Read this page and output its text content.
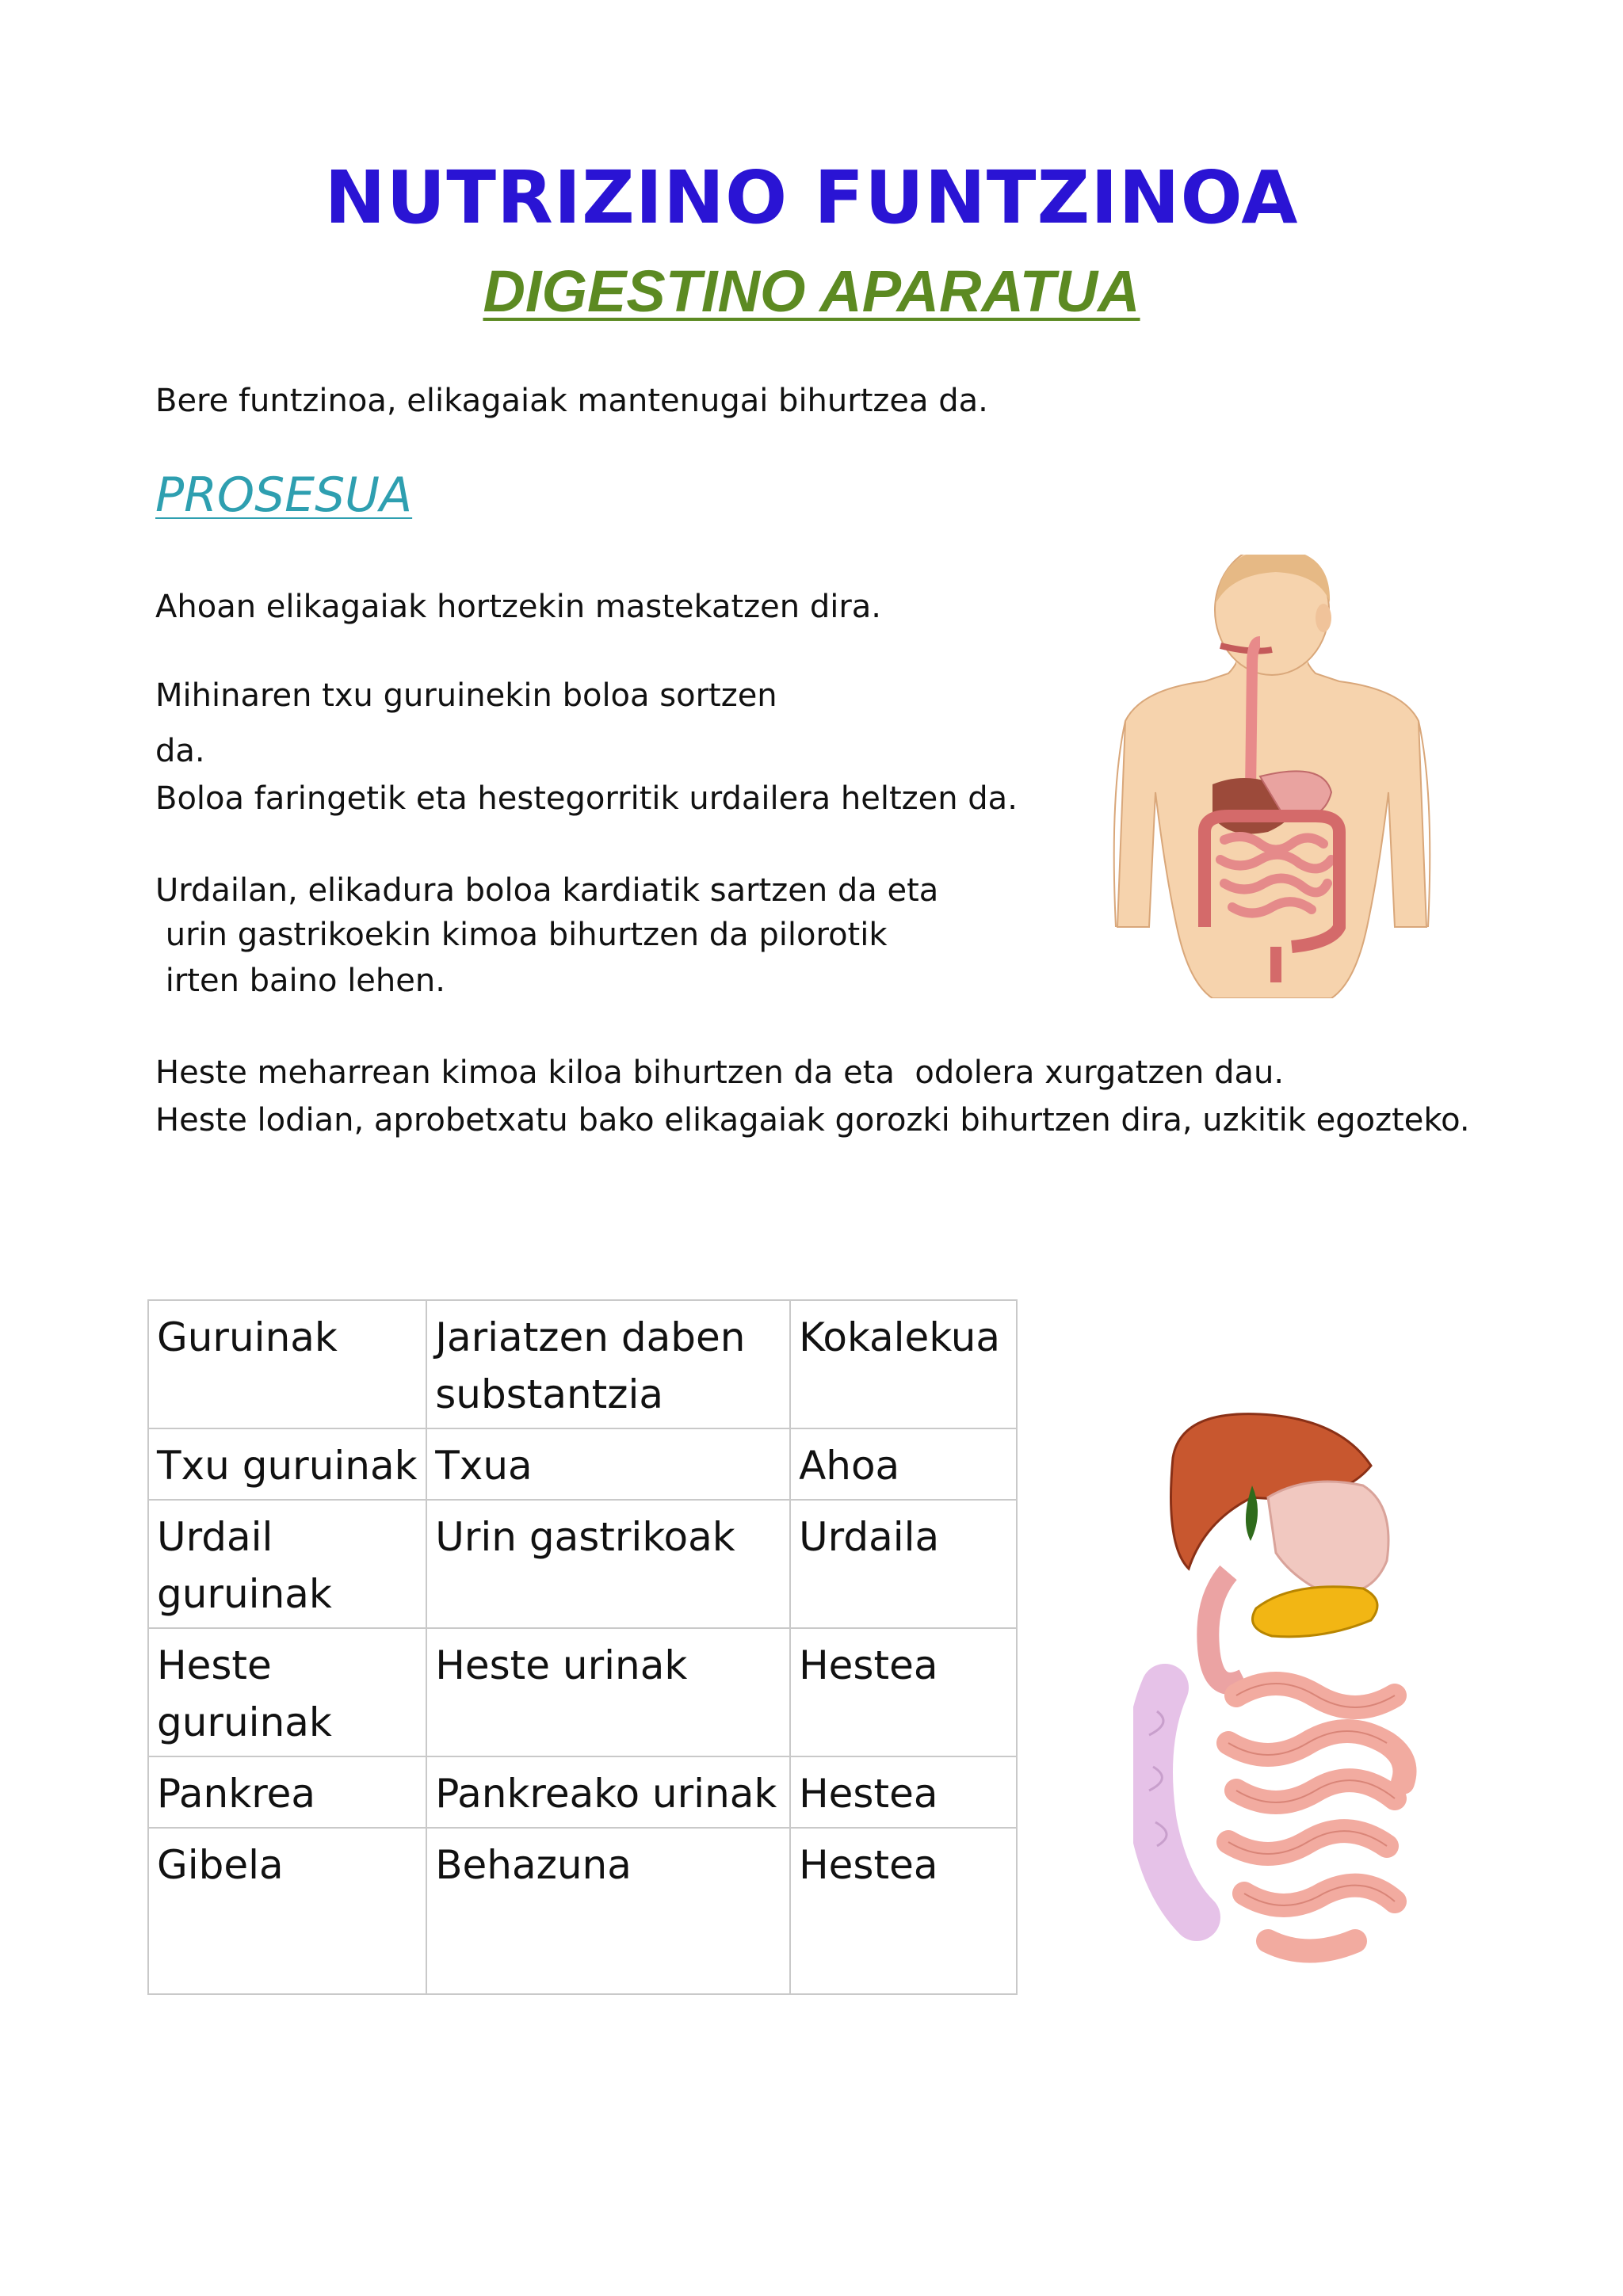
NUTRIZINO FUNTZINOA
DIGESTINO APARATUA

Bere funtzinoa, elikagaiak mantenugai bihurtzea da.

PROSESUA

Ahoan elikagaiak hortzekin mastekatzen dira.

Mihinaren txu guruinekin boloa sortzen

da.

Boloa faringetik eta hestegorritik urdailera heltzen da.

Urdailan, elikadura boloa kardiatik sartzen da eta

urin gastrikoekin kimoa bihurtzen da pilorotik

irten baino lehen.

Heste meharrean kimoa kiloa bihurtzen da eta  odolera xurgatzen dau.

Heste lodian, aprobetxatu bako elikagaiak gorozki bihurtzen dira, uzkitik egozteko.

Guruinak	Jariatzen daben substantzia	Kokalekua
Txu guruinak	Txua	Ahoa
Urdail guruinak	Urin gastrikoak	Urdaila
Heste guruinak	Heste urinak	Hestea
Pankrea	Pankreako urinak	Hestea
Gibela	Behazuna	Hestea
